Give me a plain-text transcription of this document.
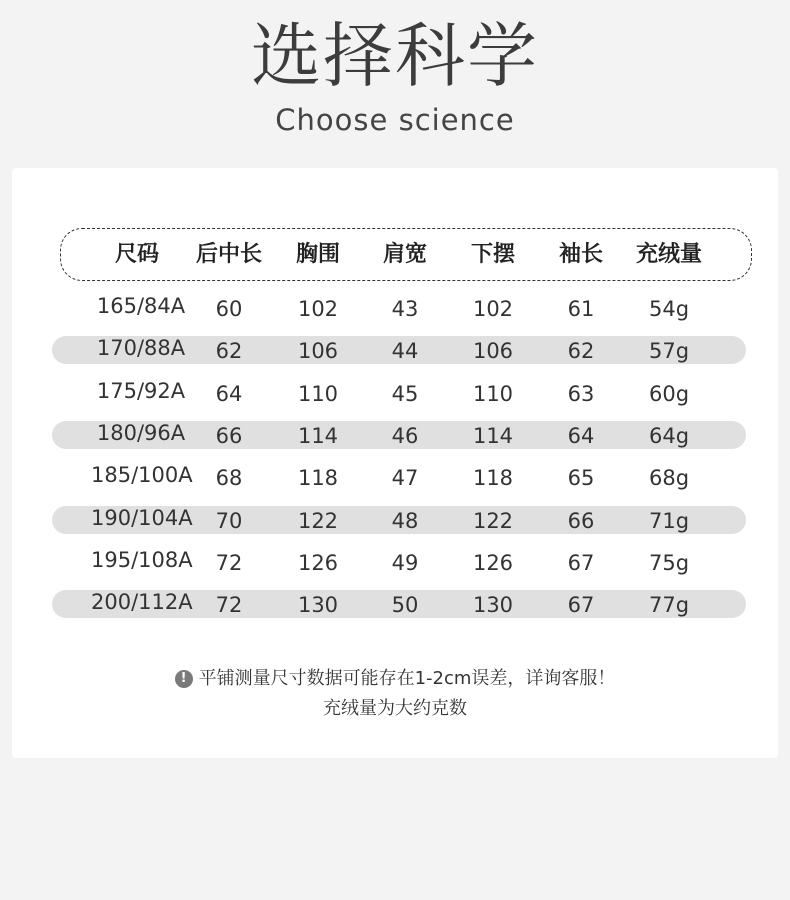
选择科学
Choose science
尺码	后中长	胸围	肩宽	下摆	袖长	充绒量
165/84A	60	102	43	102	61	54g
170/88A	62	106	44	106	62	57g
175/92A	64	110	45	110	63	60g
180/96A	66	114	46	114	64	64g
185/100A	68	118	47	118	65	68g
190/104A	70	122	48	122	66	71g
195/108A	72	126	49	126	67	75g
200/112A	72	130	50	130	67	77g
! 平铺测量尺寸数据可能存在1-2cm误差，详询客服！
充绒量为大约克数
